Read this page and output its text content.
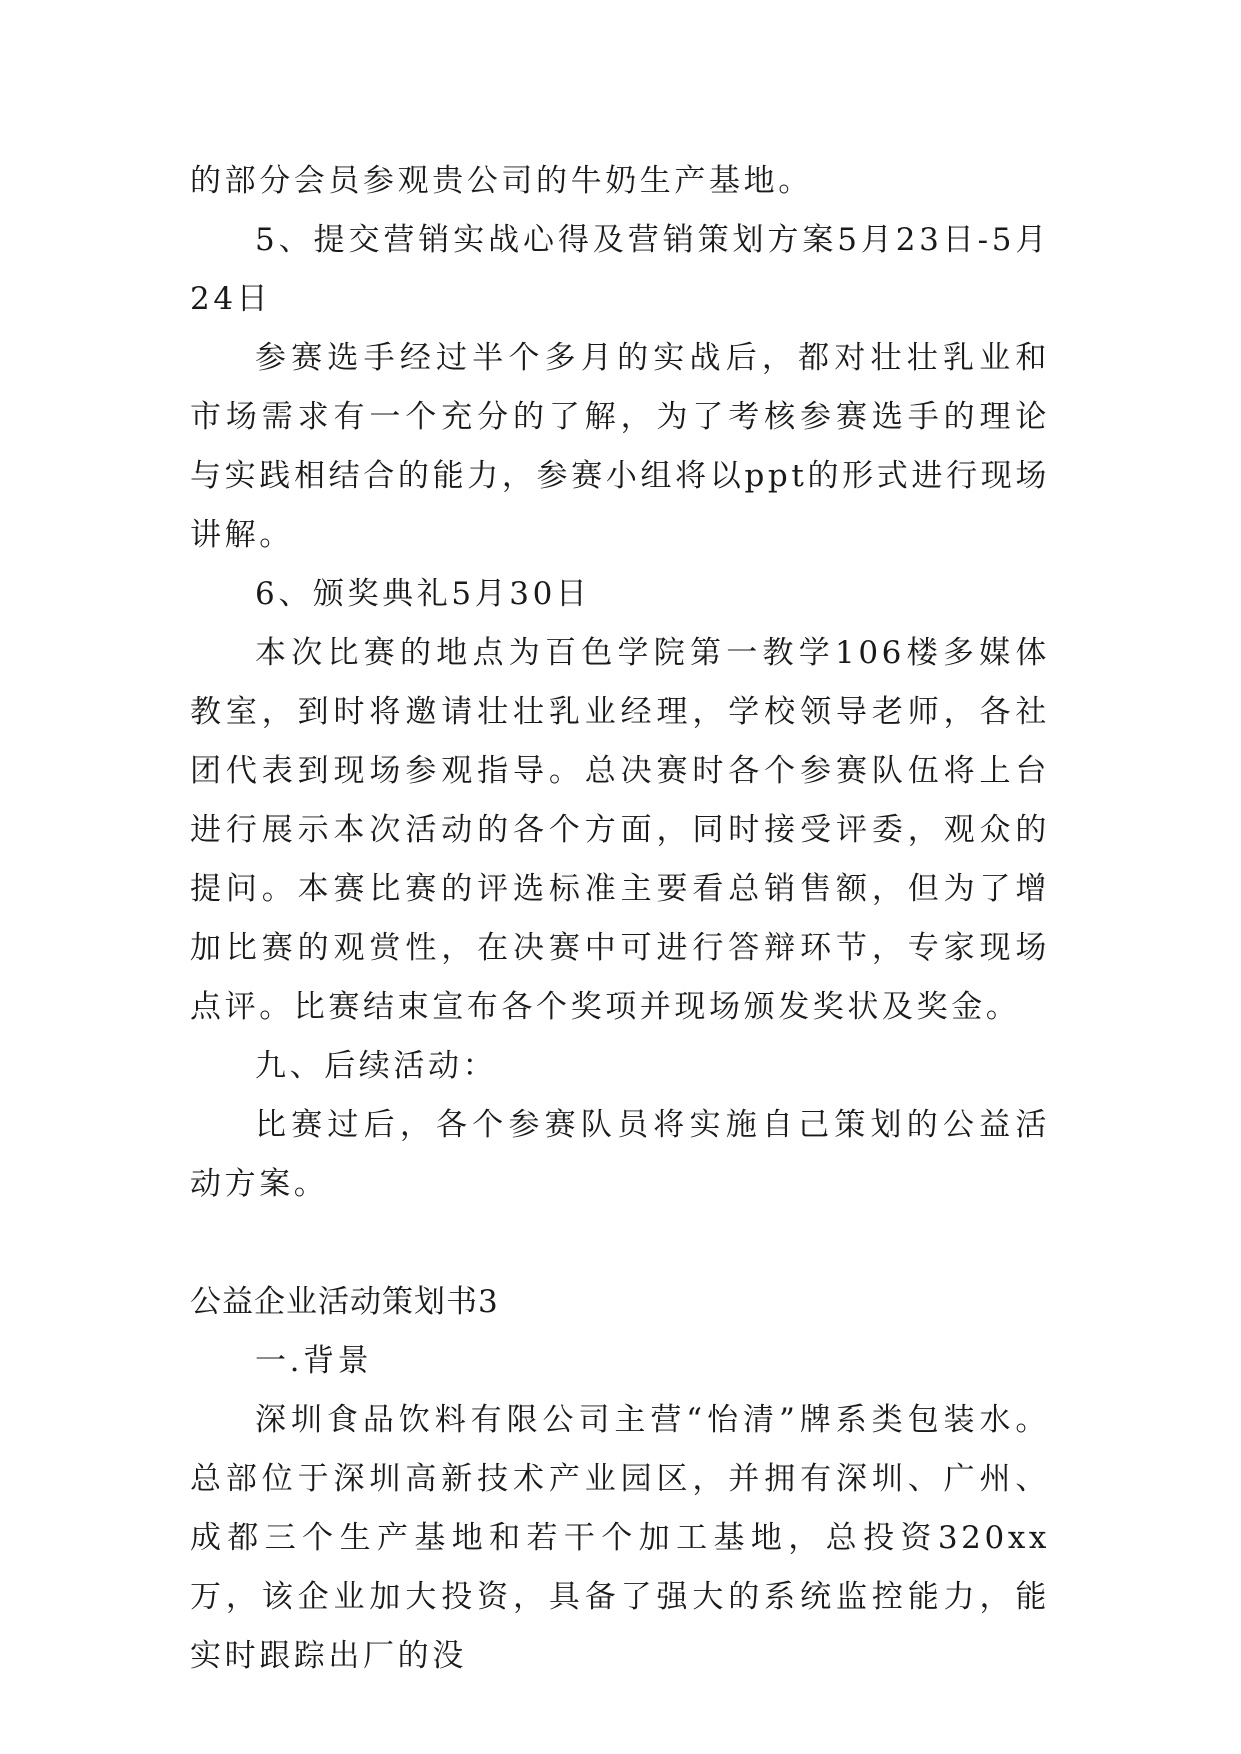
的部分会员参观贵公司的牛奶生产基地。

5、提交营销实战心得及营销策划方案5月23日-5月24日

参赛选手经过半个多月的实战后，都对壮壮乳业和市场需求有一个充分的了解，为了考核参赛选手的理论与实践相结合的能力，参赛小组将以ppt的形式进行现场讲解。

6、颁奖典礼5月30日

本次比赛的地点为百色学院第一教学106楼多媒体教室，到时将邀请壮壮乳业经理，学校领导老师，各社团代表到现场参观指导。总决赛时各个参赛队伍将上台进行展示本次活动的各个方面，同时接受评委，观众的提问。本赛比赛的评选标准主要看总销售额，但为了增加比赛的观赏性，在决赛中可进行答辩环节，专家现场点评。比赛结束宣布各个奖项并现场颁发奖状及奖金。

九、后续活动：

比赛过后，各个参赛队员将实施自己策划的公益活动方案。

公益企业活动策划书3

一.背景

深圳食品饮料有限公司主营“怡清”牌系类包装水。总部位于深圳高新技术产业园区，并拥有深圳、广州、成都三个生产基地和若干个加工基地，总投资320xx万，该企业加大投资，具备了强大的系统监控能力，能实时跟踪出厂的没
